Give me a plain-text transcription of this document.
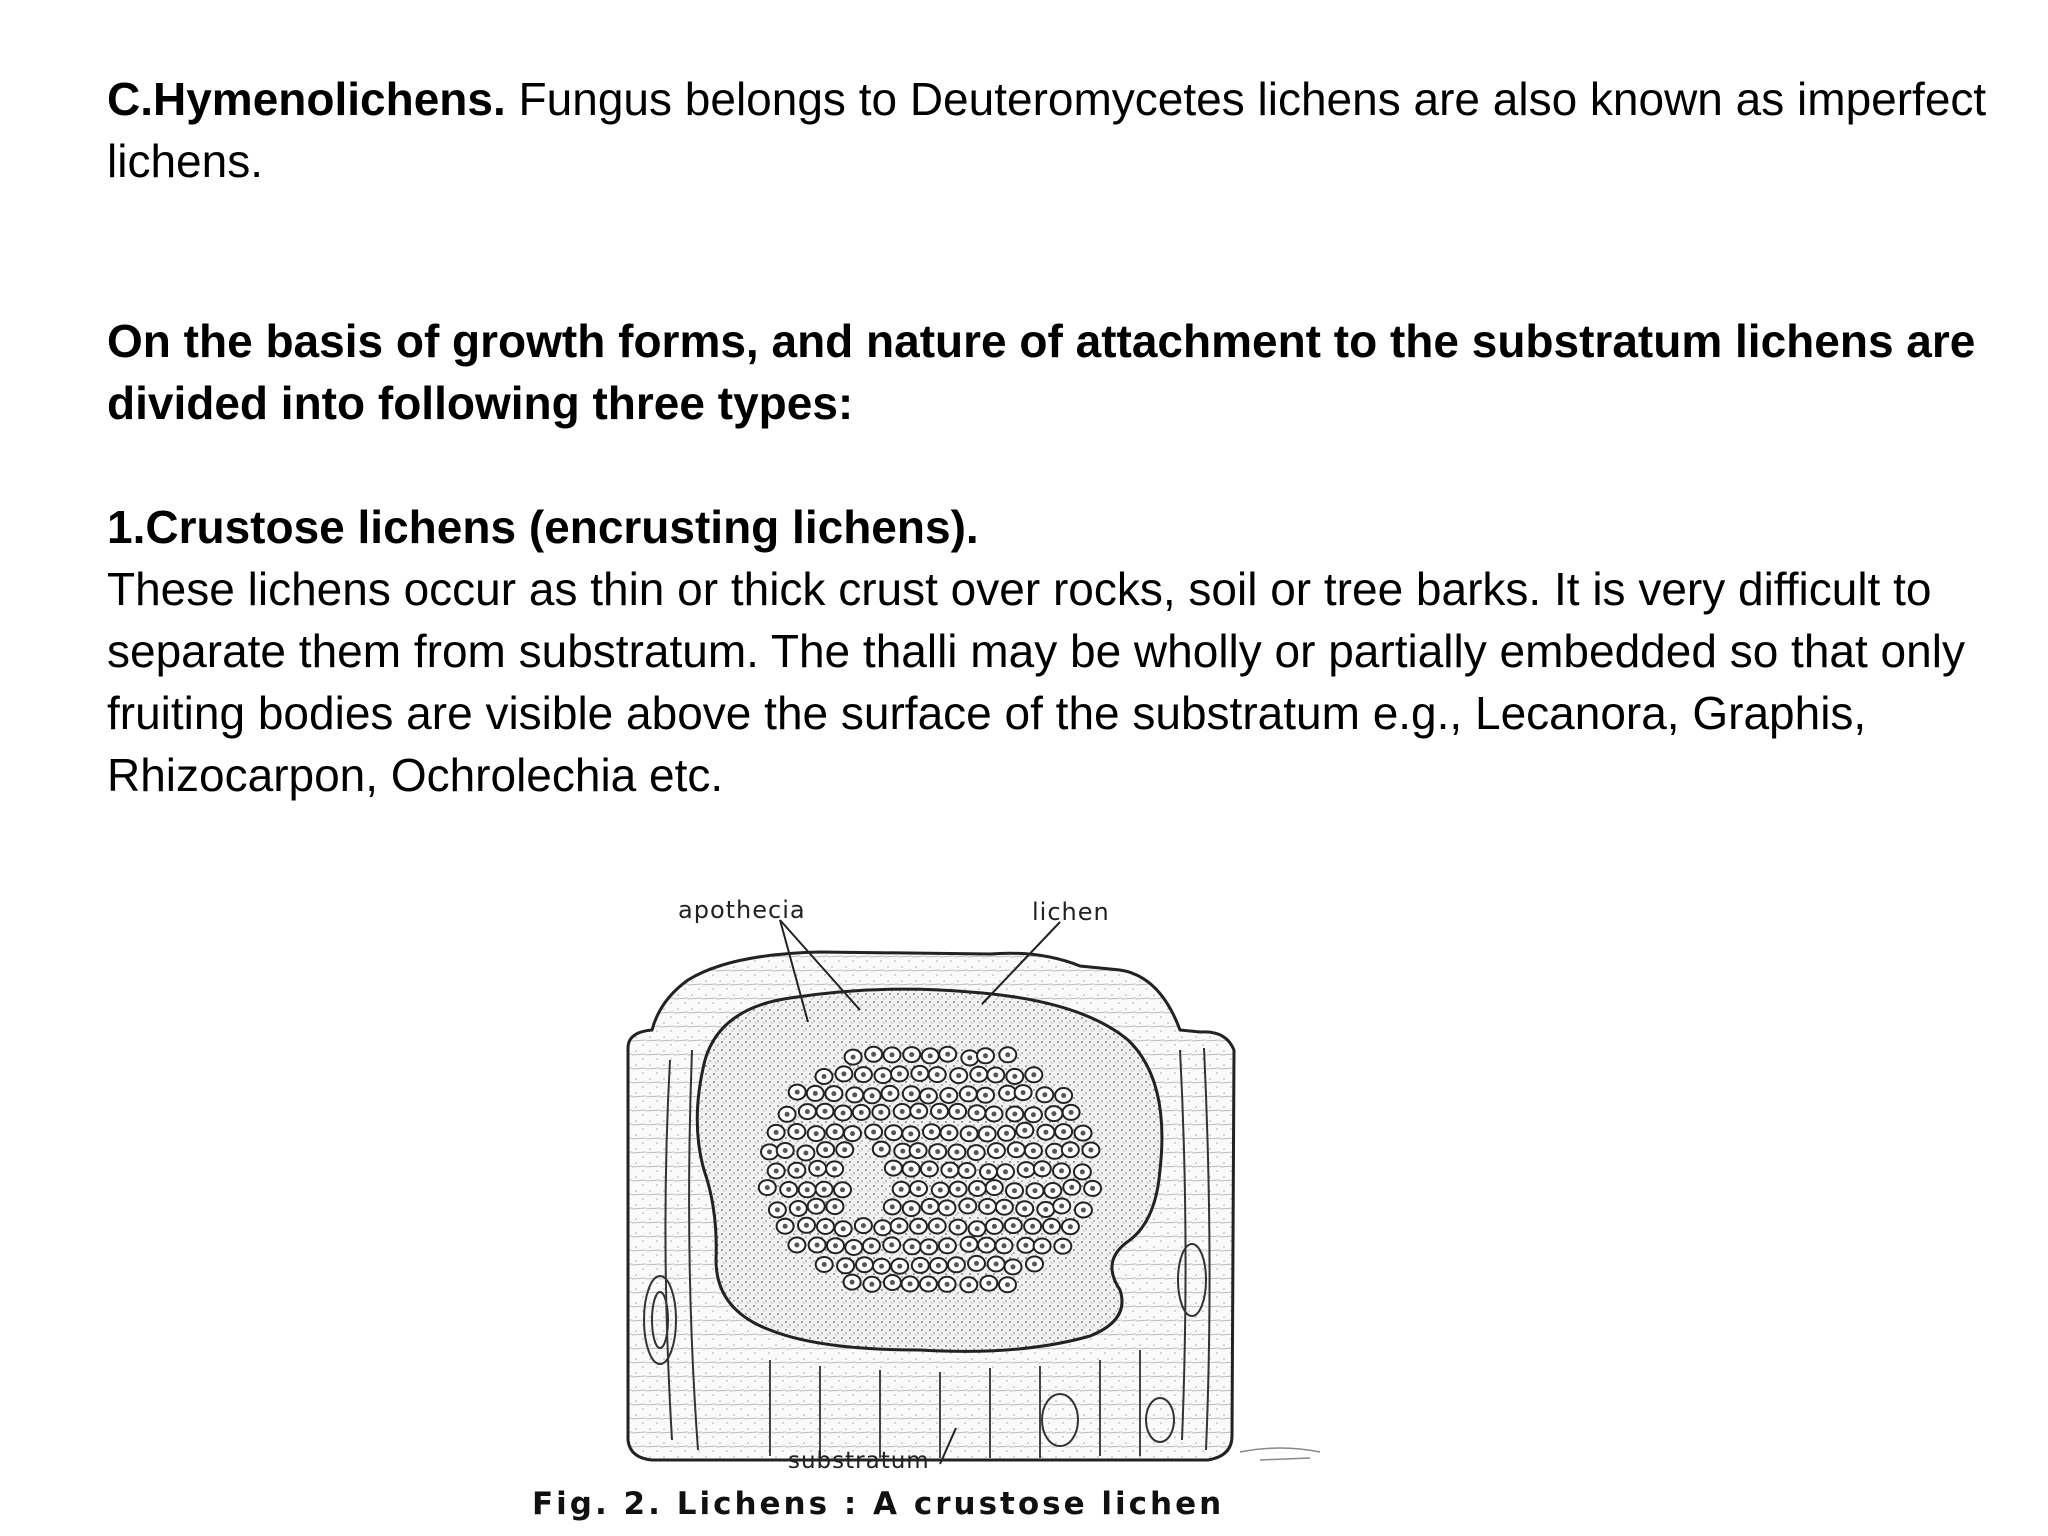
C.Hymenolichens. Fungus belongs to Deuteromycetes lichens are also known as imperfect lichens.

On the basis of growth forms, and nature of attachment to the substratum lichens are divided into following three types:

1.Crustose lichens (encrusting lichens).

These lichens occur as thin or thick crust over rocks, soil or tree barks. It is very difficult to separate them from substratum. The thalli may be wholly or partially embedded so that only fruiting bodies are visible above the surface of the substratum e.g., Lecanora, Graphis, Rhizocarpon, Ochrolechia etc.

apothecia	lichen
substratum
Fig. 2. Lichens : A crustose lichen
